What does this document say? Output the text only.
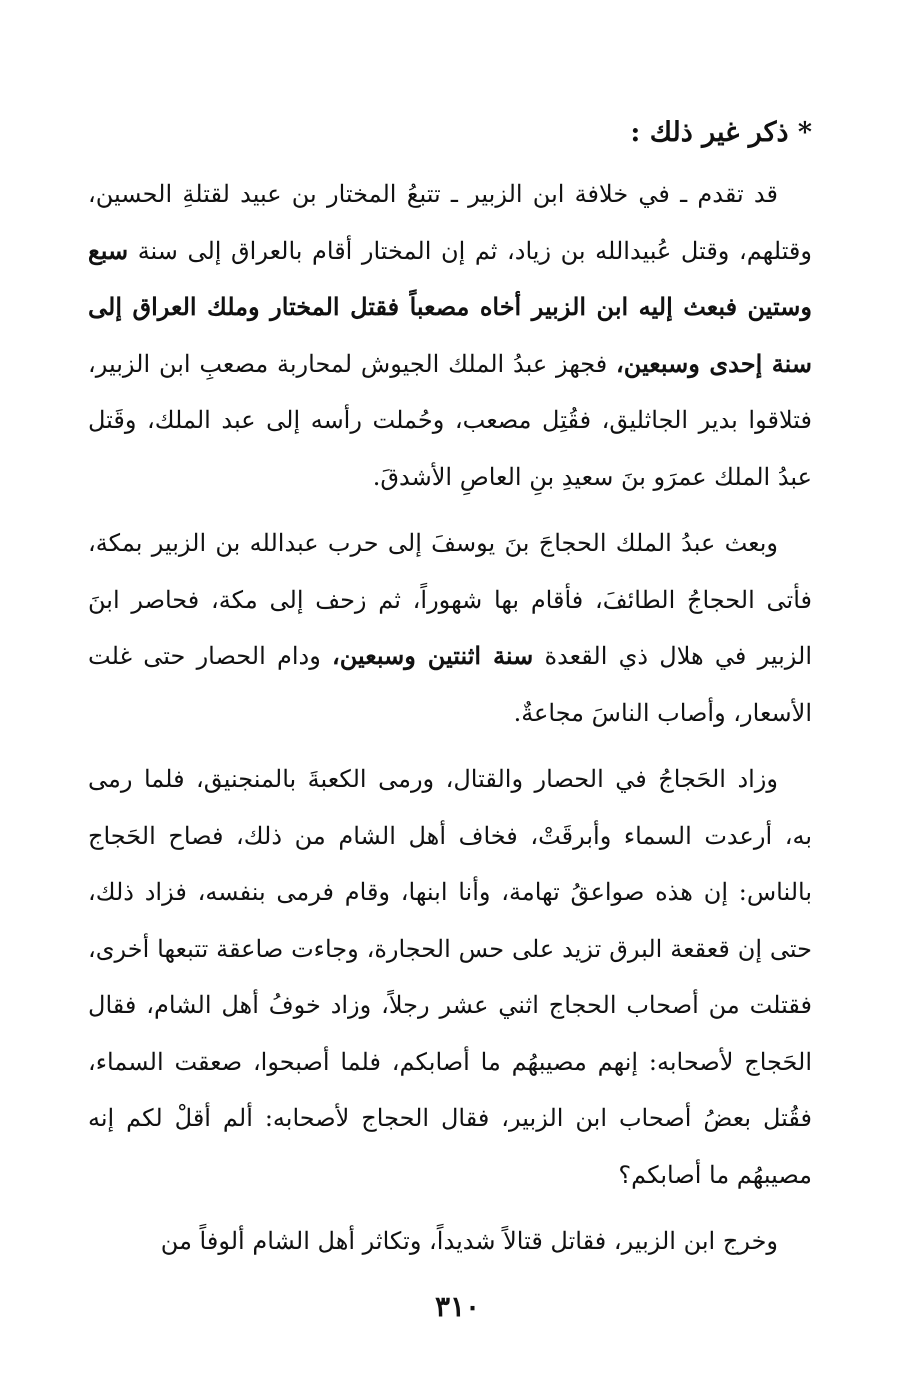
* ذكر غير ذلك :

قد تقدم ـ في خلافة ابن الزبير ـ تتبعُ المختار بن عبيد لقتلةِ الحسين، وقتلهم، وقتل عُبيدالله بن زياد، ثم إن المختار أقام بالعراق إلى سنة سبع وستين فبعث إليه ابن الزبير أخاه مصعباً فقتل المختار وملك العراق إلى سنة إحدى وسبعين، فجهز عبدُ الملك الجيوش لمحاربة مصعبِ ابن الزبير، فتلاقوا بدير الجاثليق، فقُتِل مصعب، وحُملت رأسه إلى عبد الملك، وقَتل عبدُ الملك عمرَو بنَ سعيدِ بنِ العاصِ الأشدقَ.

وبعث عبدُ الملك الحجاجَ بنَ يوسفَ إلى حرب عبدالله بن الزبير بمكة، فأتى الحجاجُ الطائفَ، فأقام بها شهوراً، ثم زحف إلى مكة، فحاصر ابنَ الزبير في هلال ذي القعدة سنة اثنتين وسبعين، ودام الحصار حتى غلت الأسعار، وأصاب الناسَ مجاعةٌ.

وزاد الحَجاجُ في الحصار والقتال، ورمى الكعبةَ بالمنجنيق، فلما رمى به، أرعدت السماء وأبرقَتْ، فخاف أهل الشام من ذلك، فصاح الحَجاج بالناس: إن هذه صواعقُ تهامة، وأنا ابنها، وقام فرمى بنفسه، فزاد ذلك، حتى إن قعقعة البرق تزيد على حس الحجارة، وجاءت صاعقة تتبعها أخرى، فقتلت من أصحاب الحجاج اثني عشر رجلاً، وزاد خوفُ أهل الشام، فقال الحَجاج لأصحابه: إنهم مصيبهُم ما أصابكم، فلما أصبحوا، صعقت السماء، فقُتل بعضُ أصحاب ابن الزبير، فقال الحجاج لأصحابه: ألم أقلْ لكم إنه مصيبهُم ما أصابكم؟

وخرج ابن الزبير، فقاتل قتالاً شديداً، وتكاثر أهل الشام ألوفاً من

٣١٠
